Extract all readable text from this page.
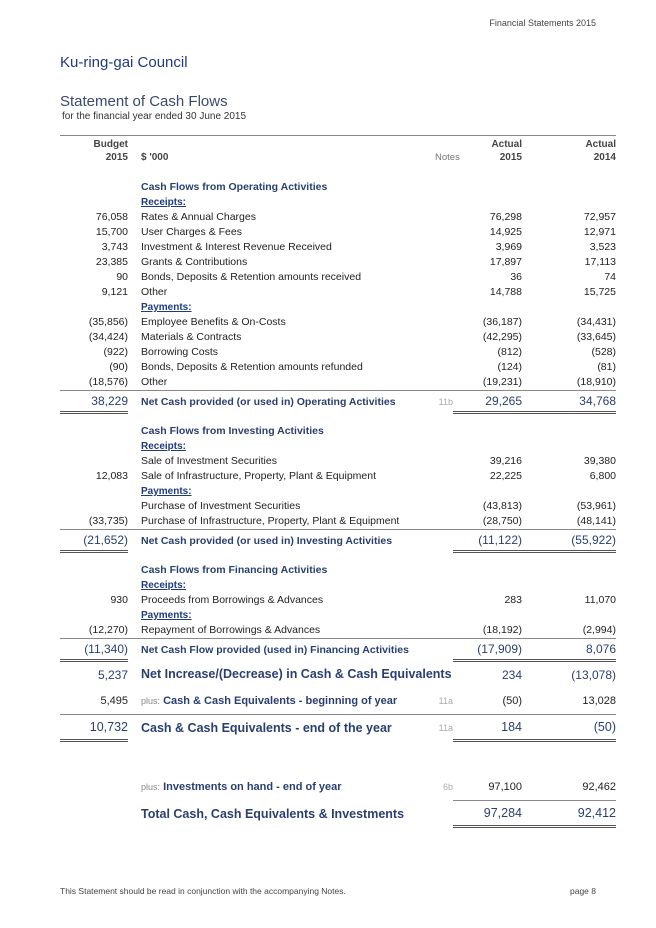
Financial Statements 2015
Ku-ring-gai Council
Statement of Cash Flows
for the financial year ended 30 June 2015
Budget			Actual	Actual
2015	$ '000	Notes	2015	2014

	Cash Flows from Operating Activities			
	Receipts:			
76,058	Rates & Annual Charges		76,298	72,957
15,700	User Charges & Fees		14,925	12,971
3,743	Investment & Interest Revenue Received		3,969	3,523
23,385	Grants & Contributions		17,897	17,113
90	Bonds, Deposits & Retention amounts received		36	74
9,121	Other		14,788	15,725
	Payments:			
(35,856)	Employee Benefits & On-Costs		(36,187)	(34,431)
(34,424)	Materials & Contracts		(42,295)	(33,645)
(922)	Borrowing Costs		(812)	(528)
(90)	Bonds, Deposits & Retention amounts refunded		(124)	(81)
(18,576)	Other		(19,231)	(18,910)
38,229	Net Cash provided (or used in) Operating Activities	11b	29,265	34,768

	Cash Flows from Investing Activities			
	Receipts:			
	Sale of Investment Securities		39,216	39,380
12,083	Sale of Infrastructure, Property, Plant & Equipment		22,225	6,800
	Payments:			
	Purchase of Investment Securities		(43,813)	(53,961)
(33,735)	Purchase of Infrastructure, Property, Plant & Equipment		(28,750)	(48,141)
(21,652)	Net Cash provided (or used in) Investing Activities		(11,122)	(55,922)

	Cash Flows from Financing Activities			
	Receipts:			
930	Proceeds from Borrowings & Advances		283	11,070
	Payments:			
(12,270)	Repayment of Borrowings & Advances		(18,192)	(2,994)
(11,340)	Net Cash Flow provided (used in) Financing Activities		(17,909)	8,076
5,237	Net Increase/(Decrease) in Cash & Cash Equivalents		234	(13,078)
5,495	plus: Cash & Cash Equivalents - beginning of year	11a	(50)	13,028
10,732	Cash & Cash Equivalents - end of the year	11a	184	(50)

	plus: Investments on hand - end of year	6b	97,100	92,462
	Total Cash, Cash Equivalents & Investments		97,284	92,412
This Statement should be read in conjunction with the accompanying Notes.	page 8
